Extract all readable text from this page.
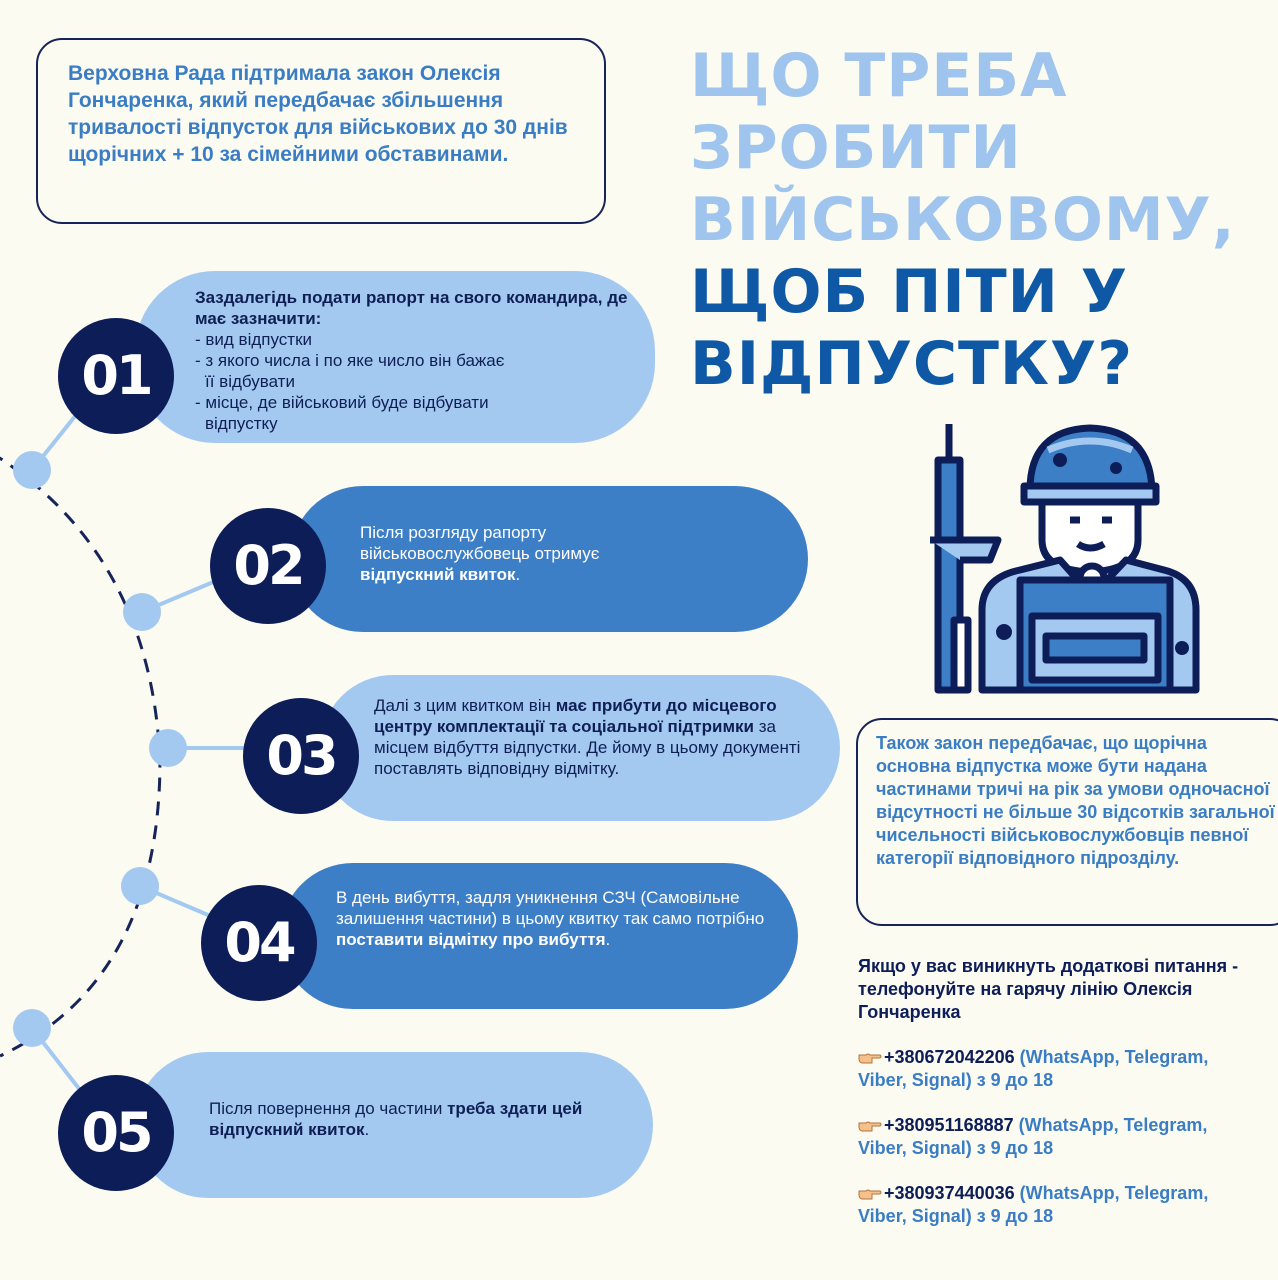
Верховна Рада підтримала закон Олексія Гончаренка, який передбачає збільшення тривалості відпусток для військових до 30 днів щорічних + 10 за сімейними обставинами.
ЩО ТРЕБА
ЗРОБИТИ
ВІЙСЬКОВОМУ,
ЩОБ ПІТИ У
ВІДПУСТКУ?
Заздалегідь подати рапорт на свого командира, де має зазначити:
- вид відпустки
- з якого числа і по яке число він бажає
її відбувати
- місце, де військовий буде відбувати
відпустку
01
Після розгляду рапорту військовослужбовець отримує відпускний квиток.
02
Далі з цим квитком він має прибути до місцевого центру комплектації та соціальної підтримки за місцем відбуття відпустки. Де йому в цьому документі поставлять відповідну відмітку.
03
В день вибуття, задля уникнення СЗЧ (Самовільне залишення частини) в цьому квитку так само потрібно поставити відмітку про вибуття.
04
Після повернення до частини треба здати цей відпускний квиток.
05
Також закон передбачає, що щорічна основна відпустка може бути надана частинами тричі на рік за умови одночасної відсутності не більше 30 відсотків загальної чисельності військовослужбовців певної категорії відповідного підрозділу.
Якщо у вас виникнуть додаткові питання - телефонуйте на гарячу лінію Олексія Гончаренка
+380672042206 (WhatsApp, Telegram, Viber, Signal) з 9 до 18
+380951168887 (WhatsApp, Telegram, Viber, Signal) з 9 до 18
+380937440036 (WhatsApp, Telegram, Viber, Signal) з 9 до 18
